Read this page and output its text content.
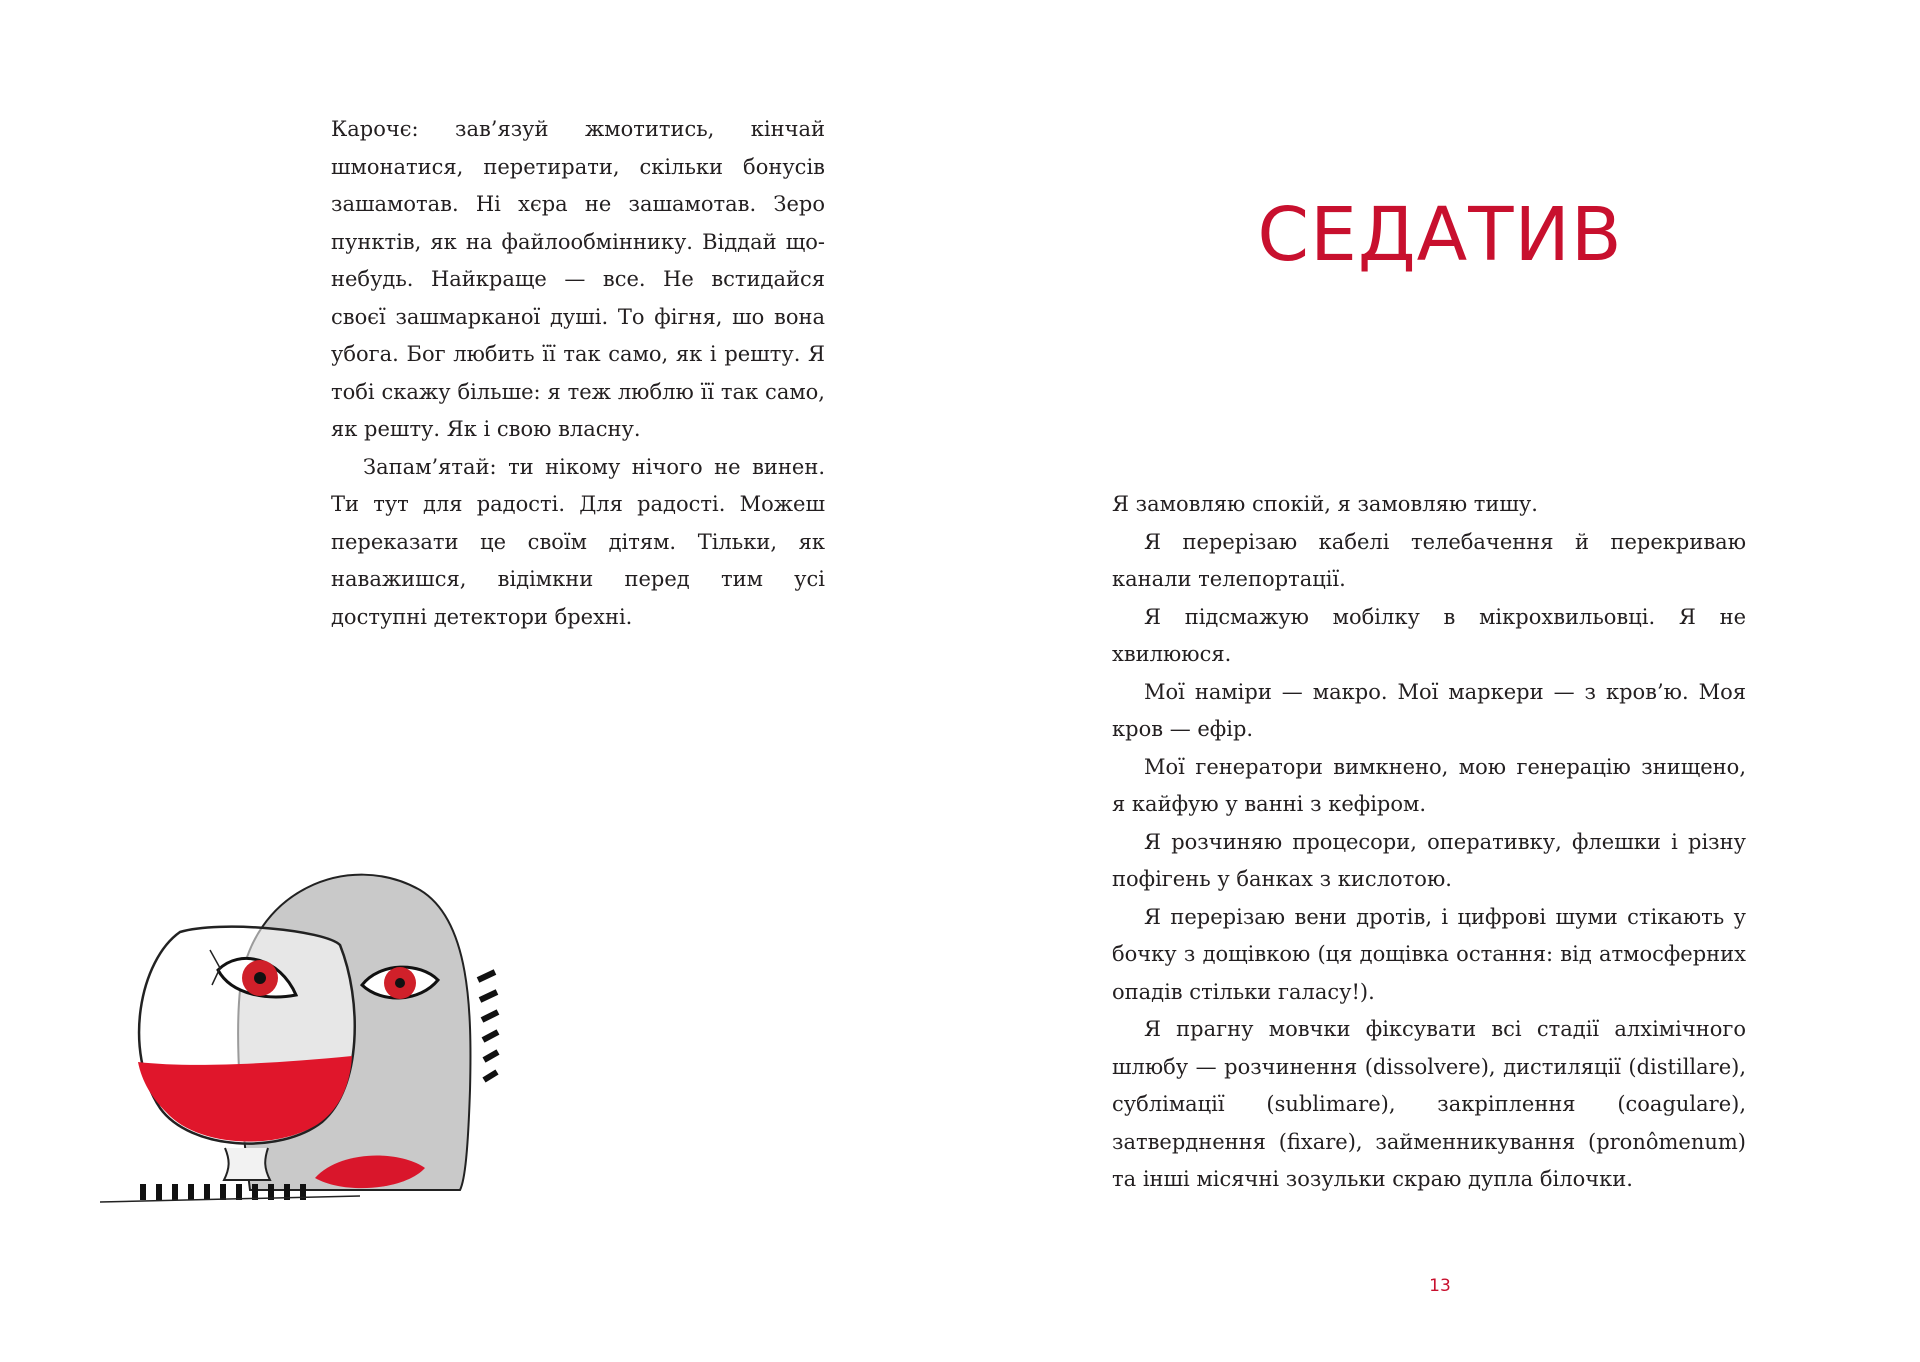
Карочє: зав’язуй жмотитись, кінчай шмонатися, перетирати, скільки бонусів зашамотав. Ні хєра не зашамотав. Зеро пунктів, як на файлообміннику. Віддай що-небудь. Найкраще — все. Не встидайся своєї зашмарканої душі. То фігня, шо вона убога. Бог любить її так само, як і решту. Я тобі скажу більше: я теж люблю її так само, як решту. Як і свою власну.

Запам’ятай: ти нікому нічого не винен. Ти тут для радості. Для радості. Можеш переказати це своїм дітям. Тільки, як наважишся, відімкни перед тим усі доступні детектори брехні.

СЕДАТИВ

Я замовляю спокій, я замовляю тишу.

Я перерізаю кабелі телебачення й перекриваю канали телепортації.

Я підсмажую мобілку в мікрохвильовці. Я не хвилююся.

Мої наміри — макро. Мої маркери — з кров’ю. Моя кров — ефір.

Мої генератори вимкнено, мою генерацію знищено, я кайфую у ванні з кефіром.

Я розчиняю процесори, оперативку, флешки і різну пофігень у банках з кислотою.

Я перерізаю вени дротів, і цифрові шуми стікають у бочку з дощівкою (ця дощівка остання: від атмосферних опадів стільки галасу!).

Я прагну мовчки фіксувати всі стадії алхімічного шлюбу — розчинення (dissolvere), дистиляції (distillare), сублімації (sublimare), закріплення (coagulare), затверднення (fixare), займенникування (pronômenum) та інші місячні зозульки скраю дупла білочки.

13
